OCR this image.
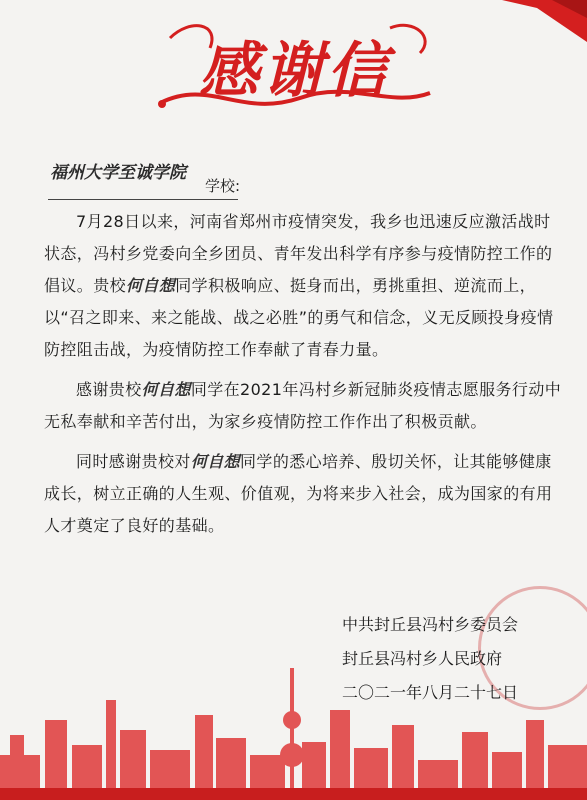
感谢信
福州大学至诚学院
学校:

7月28日以来，河南省郑州市疫情突发，我乡也迅速反应激活战时状态，冯村乡党委向全乡团员、青年发出科学有序参与疫情防控工作的倡议。贵校何自想同学积极响应、挺身而出，勇挑重担、逆流而上，以“召之即来、来之能战、战之必胜”的勇气和信念，义无反顾投身疫情防控阻击战，为疫情防控工作奉献了青春力量。

感谢贵校何自想同学在2021年冯村乡新冠肺炎疫情志愿服务行动中无私奉献和辛苦付出，为家乡疫情防控工作作出了积极贡献。

同时感谢贵校对何自想同学的悉心培养、殷切关怀，让其能够健康成长，树立正确的人生观、价值观，为将来步入社会，成为国家的有用人才奠定了良好的基础。

中共封丘县冯村乡委员会
封丘县冯村乡人民政府
二〇二一年八月二十七日
